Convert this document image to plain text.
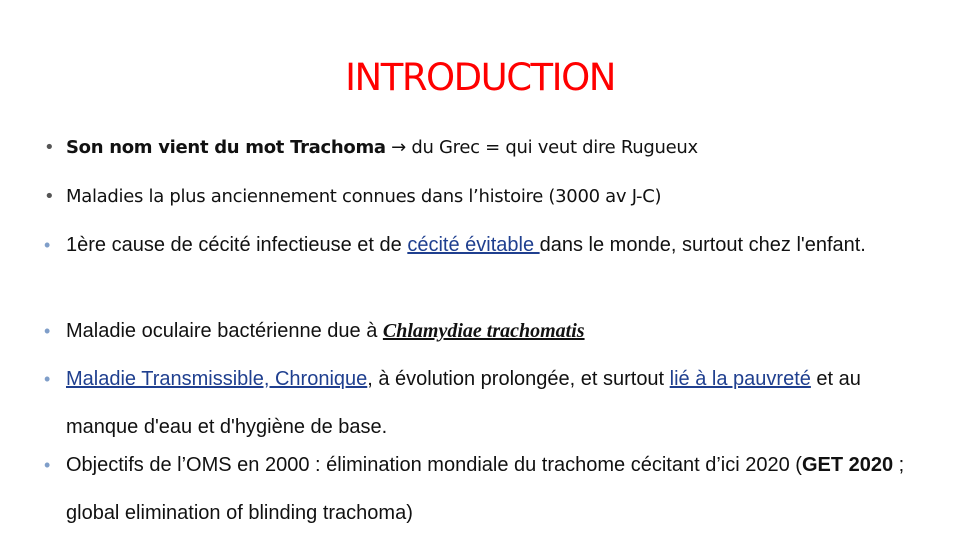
INTRODUCTION
• Son nom vient du mot Trachoma → du Grec = qui veut dire Rugueux
• Maladies la plus anciennement connues dans l’histoire (3000 av J-C)
• 1ère cause de cécité infectieuse et de cécité évitable dans le monde, surtout chez l'enfant.
• Maladie oculaire bactérienne due à Chlamydiae trachomatis
• Maladie Transmissible, Chronique, à évolution prolongée, et surtout lié à la pauvreté et au manque d'eau et d'hygiène de base.
• Objectifs de l’OMS en 2000 : élimination mondiale du trachome cécitant d’ici 2020 (GET 2020 ; global elimination of blinding trachoma)
